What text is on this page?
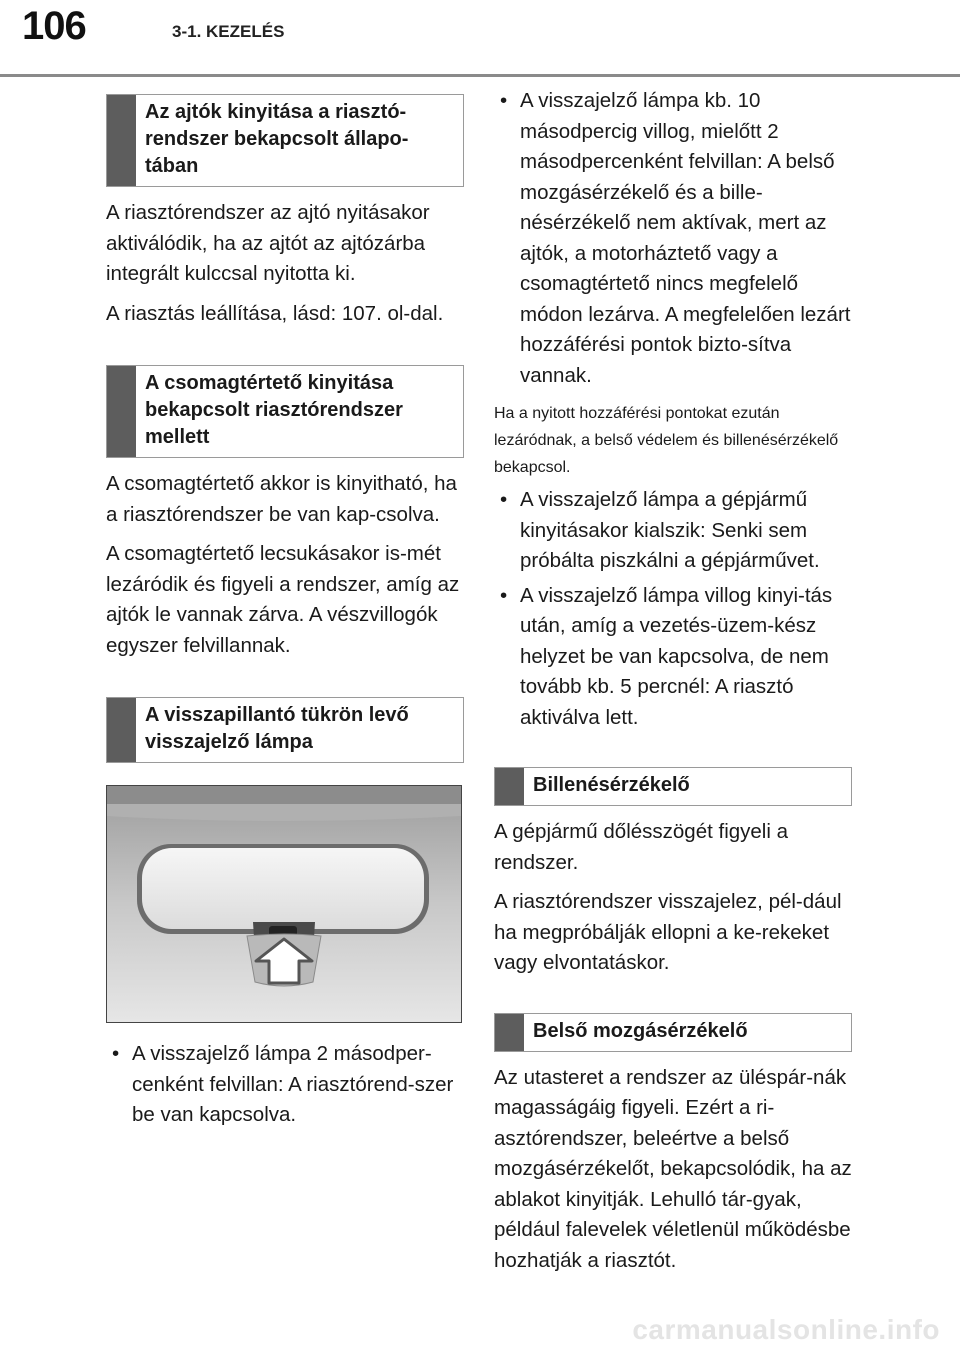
106	3-1. KEZELÉS
Az ajtók kinyitása a riasztó-rendszer bekapcsolt állapo-tában

A riasztórendszer az ajtó nyitásakor aktiválódik, ha az ajtót az ajtózárba integrált kulccsal nyitotta ki.

A riasztás leállítása, lásd: 107. ol-dal.

A csomagtértető kinyitása bekapcsolt riasztórendszer mellett

A csomagtértető akkor is kinyitható, ha a riasztórendszer be van kap-csolva.

A csomagtértető lecsukásakor is-mét lezáródik és figyeli a rendszer, amíg az ajtók le vannak zárva. A vészvillogók egyszer felvillannak.

A visszapillantó tükrön levő visszajelző lámpa
• A visszajelző lámpa 2 másodper-cenként felvillan: A riasztórend-szer be van kapcsolva.
• A visszajelző lámpa kb. 10 másodpercig villog, mielőtt 2 másodpercenként felvillan: A belső mozgásérzékelő és a bille-nésérzékelő nem aktívak, mert az ajtók, a motorháztető vagy a csomagtértető nincs megfelelő módon lezárva. A megfelelően lezárt hozzáférési pontok bizto-sítva vannak.

Ha a nyitott hozzáférési pontokat ezután lezáródnak, a belső védelem és billenésérzékelő bekapcsol.

• A visszajelző lámpa a gépjármű kinyitásakor kialszik: Senki sem próbálta piszkálni a gépjárművet.
• A visszajelző lámpa villog kinyi-tás után, amíg a vezetés-üzem-kész helyzet be van kapcsolva, de nem tovább kb. 5 percnél: A riasztó aktiválva lett.
Billenésérzékelő

A gépjármű dőlésszögét figyeli a rendszer.

A riasztórendszer visszajelez, pél-dául ha megpróbálják ellopni a ke-rekeket vagy elvontatáskor.

Belső mozgásérzékelő

Az utasteret a rendszer az üléspár-nák magasságáig figyeli. Ezért a ri-asztórendszer, beleértve a belső mozgásérzékelőt, bekapcsolódik, ha az ablakot kinyitják. Lehulló tár-gyak, például falevelek véletlenül működésbe hozhatják a riasztót.

carmanualsonline.info
